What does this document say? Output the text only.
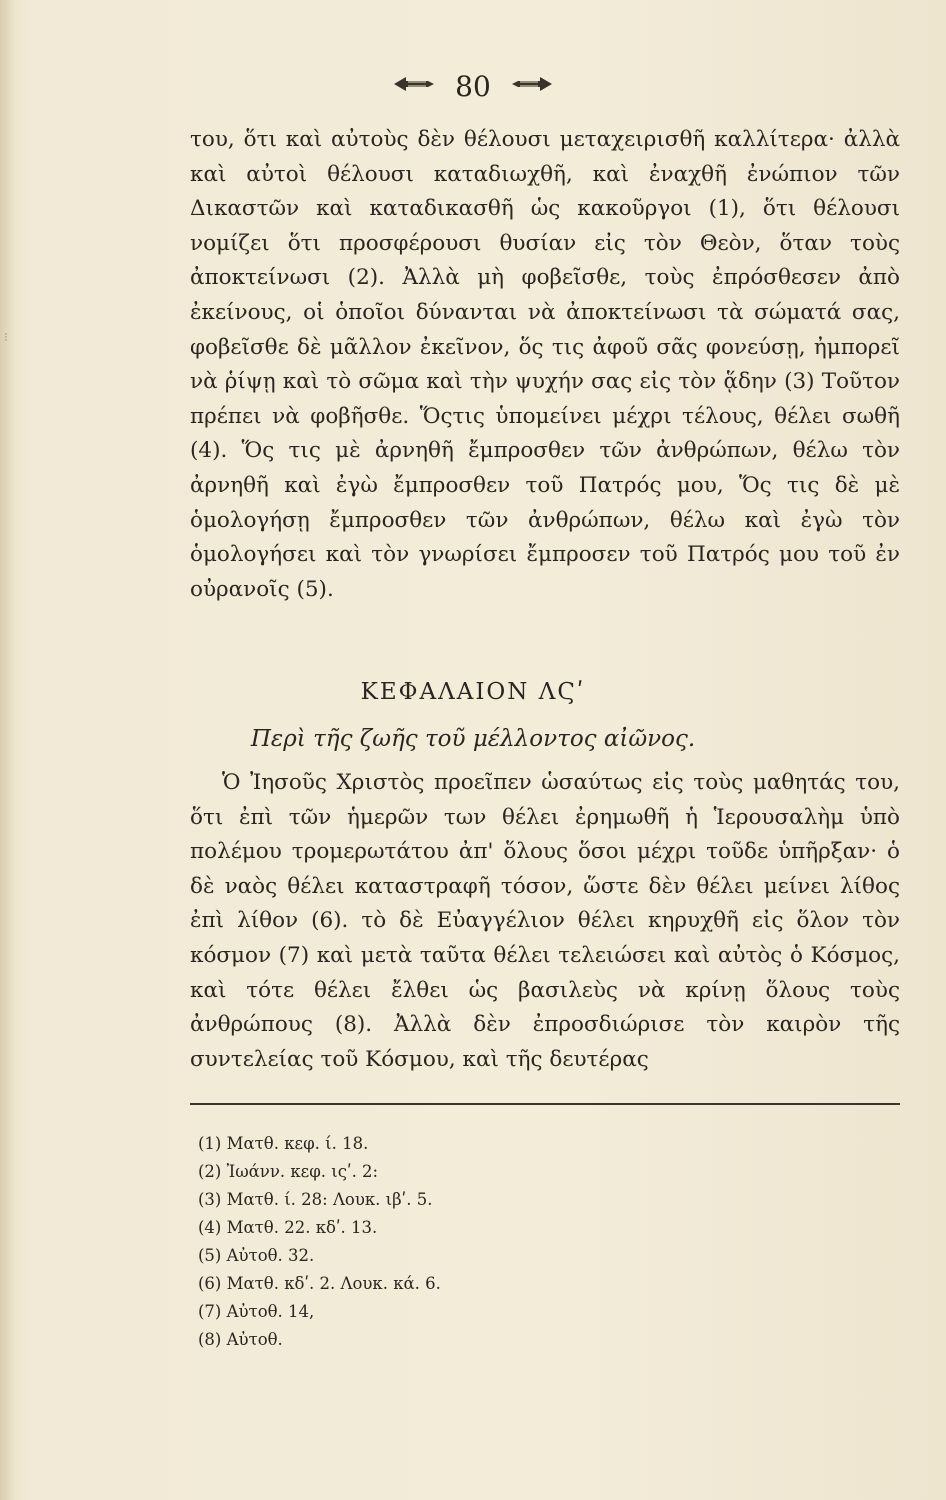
⁝
80

του, ὅτι καὶ αὐτοὺς δὲν θέλουσι μεταχειρισθῆ καλλίτερα· ἀλλὰ καὶ αὐτοὶ θέλουσι καταδιωχθῆ, καὶ ἐναχθῆ ἐνώπιον τῶν Δικαστῶν καὶ καταδικασθῆ ὡς κακοῦργοι (1), ὅτι θέλουσι νομίζει ὅτι προσφέρουσι θυσίαν εἰς τὸν Θεὸν, ὅταν τοὺς ἀποκτείνωσι (2). Ἀλλὰ μὴ φοβεῖσθε, τοὺς ἐπρόσθεσεν ἀπὸ ἐκείνους, οἱ ὁποῖοι δύνανται νὰ ἀποκτείνωσι τὰ σώματά σας, φοβεῖσθε δὲ μᾶλλον ἐκεῖνον, ὅς τις ἀφοῦ σᾶς φονεύσῃ, ἠμπορεῖ νὰ ῥίψῃ καὶ τὸ σῶμα καὶ τὴν ψυχήν σας εἰς τὸν ᾅδην (3) Τοῦτον πρέπει νὰ φοβῆσθε. Ὅςτις ὑπομείνει μέχρι τέλους, θέλει σωθῆ (4). Ὅς τις μὲ ἀρνηθῆ ἔμπροσθεν τῶν ἀνθρώπων, θέλω τὸν ἀρνηθῆ καὶ ἐγὼ ἔμπροσθεν τοῦ Πατρός μου, Ὅς τις δὲ μὲ ὁμολογήσῃ ἔμπροσθεν τῶν ἀνθρώπων, θέλω καὶ ἐγὼ τὸν ὁμολογήσει καὶ τὸν γνωρίσει ἔμπροσεν τοῦ Πατρός μου τοῦ ἐν οὐρανοῖς (5).

ΚΕΦΑΛΑΙΟΝ ΛϚʹ
Περὶ τῆς ζωῆς τοῦ μέλλοντος αἰῶνος.

Ὁ Ἰησοῦς Χριστὸς προεῖπεν ὡσαύτως εἰς τοὺς μαθητάς του, ὅτι ἐπὶ τῶν ἡμερῶν των θέλει ἐρημωθῆ ἡ Ἱερουσαλὴμ ὑπὸ πολέμου τρομερωτάτου ἀπ' ὅλους ὅσοι μέχρι τοῦδε ὑπῆρξαν· ὁ δὲ ναὸς θέλει καταστραφῆ τόσον, ὥστε δὲν θέλει μείνει λίθος ἐπὶ λίθον (6). τὸ δὲ Εὐαγγέλιον θέλει κηρυχθῆ εἰς ὅλον τὸν κόσμον (7) καὶ μετὰ ταῦτα θέλει τελειώσει καὶ αὐτὸς ὁ Κόσμος, καὶ τότε θέλει ἔλθει ὡς βασιλεὺς νὰ κρίνῃ ὅλους τοὺς ἀνθρώπους (8). Ἀλλὰ δὲν ἐπροσδιώρισε τὸν καιρὸν τῆς συντελείας τοῦ Κόσμου, καὶ τῆς δευτέρας

(1) Ματθ. κεφ. ί. 18.
(2) Ἰωάνν. κεφ. ιςʹ. 2:
(3) Ματθ. ί. 28: Λουκ. ιβʹ. 5.
(4) Ματθ. 22. κδʹ. 13.
(5) Αὐτοθ. 32.
(6) Ματθ. κδʹ. 2. Λουκ. κά. 6.
(7) Αὐτοθ. 14,
(8) Αὐτοθ.
